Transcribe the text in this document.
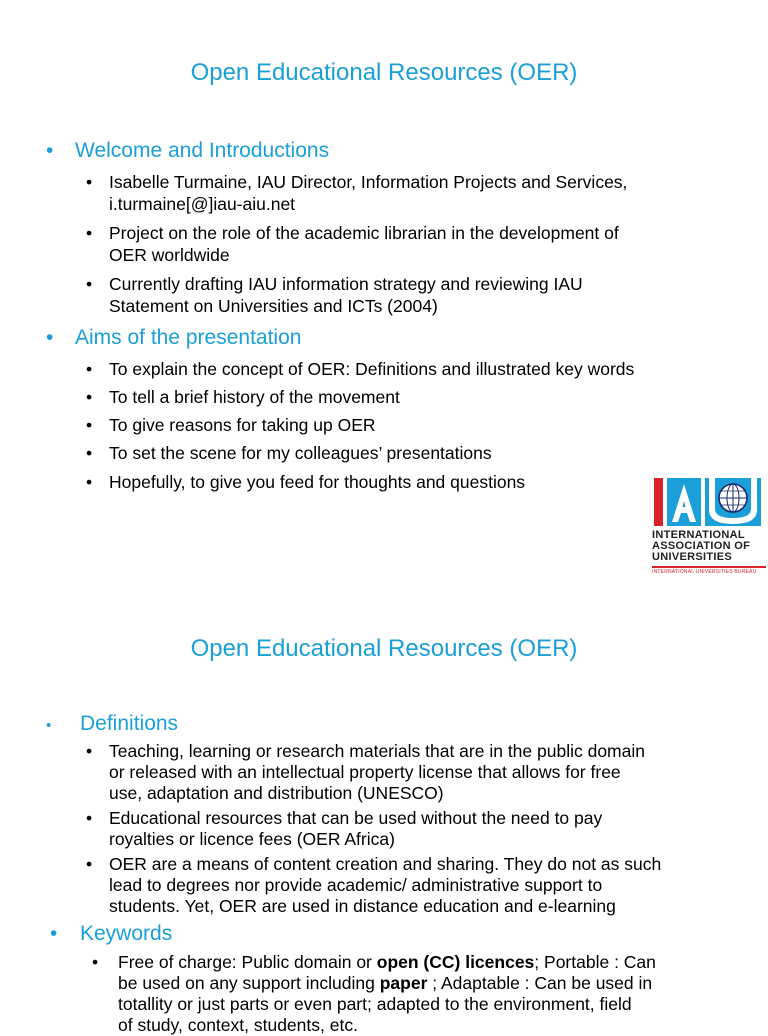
Open Educational Resources (OER)
• Welcome and Introductions
• Isabelle Turmaine, IAU Director, Information Projects and Services,
i.turmaine[@]iau-aiu.net
• Project on the role of the academic librarian in the development of
OER worldwide
• Currently drafting IAU information strategy and reviewing IAU
Statement on Universities and ICTs (2004)
• Aims of the presentation
• To explain the concept of OER: Definitions and illustrated key words
• To tell a brief history of the movement
• To give reasons for taking up OER
• To set the scene for my colleagues’ presentations
• Hopefully, to give you feed for thoughts and questions
INTERNATIONAL
ASSOCIATION OF
UNIVERSITIES
INTERNATIONAL UNIVERSITIES BUREAU
Open Educational Resources (OER)
• Definitions
• Teaching, learning or research materials that are in the public domain
or released with an intellectual property license that allows for free
use, adaptation and distribution (UNESCO)
• Educational resources that can be used without the need to pay
royalties or licence fees (OER Africa)
• OER are a means of content creation and sharing. They do not as such
lead to degrees nor provide academic/ administrative support to
students. Yet, OER are used in distance education and e-learning
• Keywords
• Free of charge: Public domain or open (CC) licences; Portable : Can
be used on any support including paper ; Adaptable : Can be used in
totallity or just parts or even part; adapted to the environment, field
of study, context, students, etc.
